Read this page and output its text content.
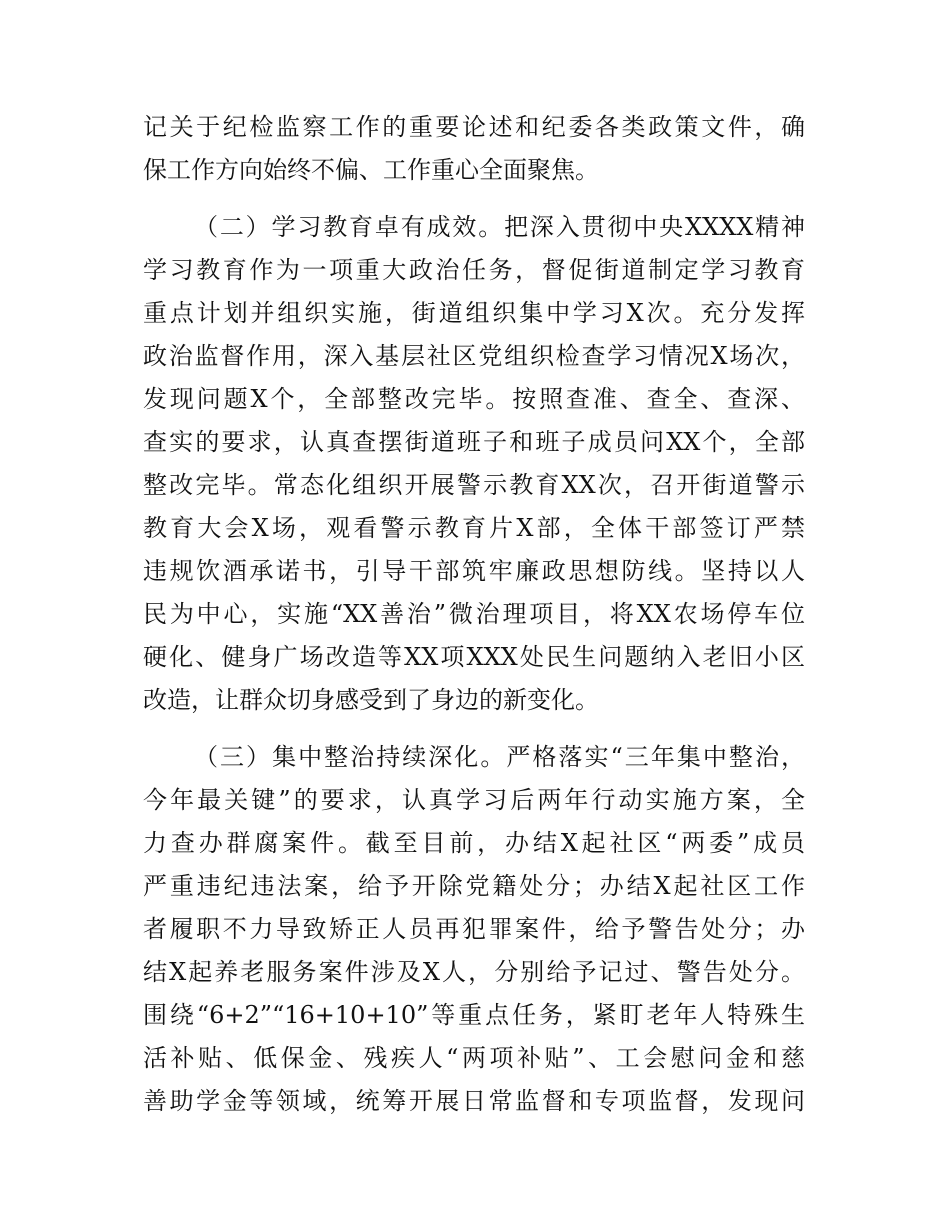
记关于纪检监察工作的重要论述和纪委各类政策文件，确
保工作方向始终不偏、工作重心全面聚焦。
（二）学习教育卓有成效。把深入贯彻中央XXXX精神
学习教育作为一项重大政治任务，督促街道制定学习教育
重点计划并组织实施，街道组织集中学习X次。充分发挥
政治监督作用，深入基层社区党组织检查学习情况X场次，
发现问题X个，全部整改完毕。按照查准、查全、查深、
查实的要求，认真查摆街道班子和班子成员问XX个，全部
整改完毕。常态化组织开展警示教育XX次，召开街道警示
教育大会X场，观看警示教育片X部，全体干部签订严禁
违规饮酒承诺书，引导干部筑牢廉政思想防线。坚持以人
民为中心，实施“XX善治”微治理项目，将XX农场停车位
硬化、健身广场改造等XX项XXX处民生问题纳入老旧小区
改造，让群众切身感受到了身边的新变化。
（三）集中整治持续深化。严格落实“三年集中整治，
今年最关键”的要求，认真学习后两年行动实施方案，全
力查办群腐案件。截至目前，办结X起社区“两委”成员
严重违纪违法案，给予开除党籍处分；办结X起社区工作
者履职不力导致矫正人员再犯罪案件，给予警告处分；办
结X起养老服务案件涉及X人，分别给予记过、警告处分。
围绕“6+2”“16+10+10”等重点任务，紧盯老年人特殊生
活补贴、低保金、残疾人“两项补贴”、工会慰问金和慈
善助学金等领域，统筹开展日常监督和专项监督，发现问
